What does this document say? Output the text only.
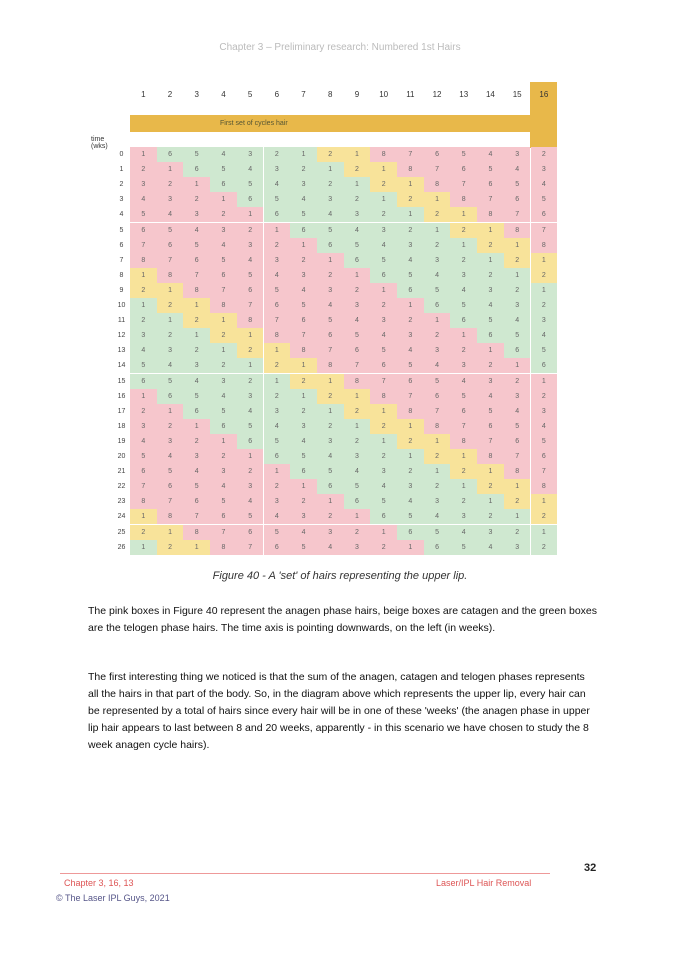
Chapter 3 – Preliminary research: Numbered 1st Hairs
First set of cycles hair
time (wks)
1	2	3	4	5	6	7	8	9	10	11	12	13	14	15	16
0	1	6	5	4	3	2	1	2	1	8	7	6	5	4	3	2
1	2	1	6	5	4	3	2	1	2	1	8	7	6	5	4	3
2	3	2	1	6	5	4	3	2	1	2	1	8	7	6	5	4
3	4	3	2	1	6	5	4	3	2	1	2	1	8	7	6	5
4	5	4	3	2	1	6	5	4	3	2	1	2	1	8	7	6
5	6	5	4	3	2	1	6	5	4	3	2	1	2	1	8	7
6	7	6	5	4	3	2	1	6	5	4	3	2	1	2	1	8
7	8	7	6	5	4	3	2	1	6	5	4	3	2	1	2	1
8	1	8	7	6	5	4	3	2	1	6	5	4	3	2	1	2
9	2	1	8	7	6	5	4	3	2	1	6	5	4	3	2	1
10	1	2	1	8	7	6	5	4	3	2	1	6	5	4	3	2
11	2	1	2	1	8	7	6	5	4	3	2	1	6	5	4	3
12	3	2	1	2	1	8	7	6	5	4	3	2	1	6	5	4
13	4	3	2	1	2	1	8	7	6	5	4	3	2	1	6	5
14	5	4	3	2	1	2	1	8	7	6	5	4	3	2	1	6
15	6	5	4	3	2	1	2	1	8	7	6	5	4	3	2	1
16	1	6	5	4	3	2	1	2	1	8	7	6	5	4	3	2
17	2	1	6	5	4	3	2	1	2	1	8	7	6	5	4	3
18	3	2	1	6	5	4	3	2	1	2	1	8	7	6	5	4
19	4	3	2	1	6	5	4	3	2	1	2	1	8	7	6	5
20	5	4	3	2	1	6	5	4	3	2	1	2	1	8	7	6
21	6	5	4	3	2	1	6	5	4	3	2	1	2	1	8	7
22	7	6	5	4	3	2	1	6	5	4	3	2	1	2	1	8
23	8	7	6	5	4	3	2	1	6	5	4	3	2	1	2	1
24	1	8	7	6	5	4	3	2	1	6	5	4	3	2	1	2
25	2	1	8	7	6	5	4	3	2	1	6	5	4	3	2	1
26	1	2	1	8	7	6	5	4	3	2	1	6	5	4	3	2
Figure 40 - A 'set' of hairs representing the upper lip.
The pink boxes in Figure 40 represent the anagen phase hairs, beige boxes are catagen and the green boxes are the telogen phase hairs. The time axis is pointing downwards, on the left (in weeks).
The first interesting thing we noticed is that the sum of the anagen, catagen and telogen phases represents all the hairs in that part of the body. So, in the diagram above which represents the upper lip, every hair can be represented by a total of hairs since every hair will be in one of these 'weeks' (the anagen phase in upper lip hair appears to last between 8 and 20 weeks, apparently - in this scenario we have chosen to study the 8 week anagen cycle hairs).
32
Chapter 3, 16, 13	Laser/IPL Hair Removal
© The Laser IPL Guys, 2021
